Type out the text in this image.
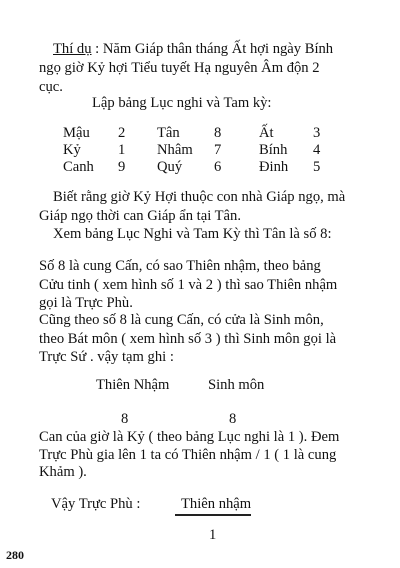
Thí dụ : Năm Giáp thân tháng Ất hợi ngày Bính
ngọ giờ Kỷ hợi Tiểu tuyết Hạ nguyên Âm độn 2
cục.
Lập bảng Lục nghi và Tam kỳ:
Mậu 2 Tân 8	Ất	3
Kỷ	1 Nhâm 7	Bính 4
Canh 9 Quý 6	Đinh 5
Biết rằng giờ Kỷ Hợi thuộc con nhà Giáp ngọ, mà
Giáp ngọ thời can Giáp ẩn tại Tân.
Xem bảng Lục Nghi và Tam Kỳ thì Tân là số 8:
Số 8 là cung Cấn, có sao Thiên nhậm, theo bảng
Cửu tinh ( xem hình số 1 và 2 ) thì sao Thiên nhậm
gọi là Trực Phù.
Cũng theo số 8 là cung Cấn, có cửa là Sinh môn,
theo Bát môn ( xem hình số 3 ) thì Sinh môn gọi là
Trực Sứ . vậy tạm ghi :
Thiên Nhậm	Sinh môn
8	8
Can của giờ là Kỷ ( theo bảng Lục nghi là 1 ). Đem
Trực Phù gia lên 1 ta có Thiên nhậm / 1 ( 1 là cung
Khảm ).
Vậy Trực Phù :	Thiên nhậm
1
280
